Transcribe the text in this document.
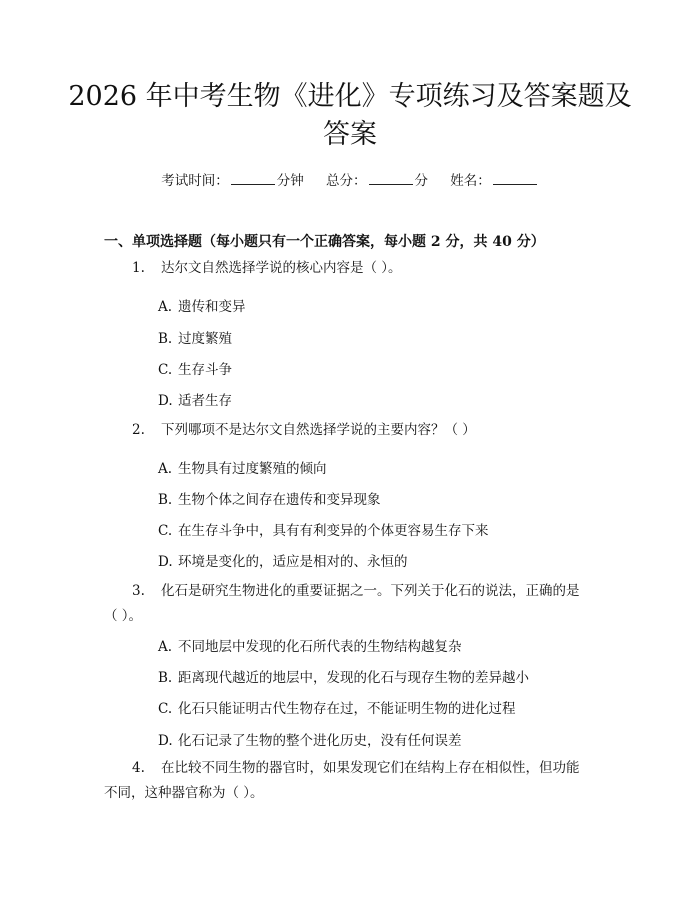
2026 年中考生物《进化》专项练习及答案题及答案
考试时间：	分钟 总分：	分 姓名：
一、单项选择题（每小题只有一个正确答案，每小题 2 分，共 40 分）
1. 达尔文自然选择学说的核心内容是（ ）。
A. 遗传和变异
B. 过度繁殖
C. 生存斗争
D. 适者生存
2. 下列哪项不是达尔文自然选择学说的主要内容？（ ）
A. 生物具有过度繁殖的倾向
B. 生物个体之间存在遗传和变异现象
C. 在生存斗争中，具有有利变异的个体更容易生存下来
D. 环境是变化的，适应是相对的、永恒的
3. 化石是研究生物进化的重要证据之一。下列关于化石的说法，正确的是（ ）。
A. 不同地层中发现的化石所代表的生物结构越复杂
B. 距离现代越近的地层中，发现的化石与现存生物的差异越小
C. 化石只能证明古代生物存在过，不能证明生物的进化过程
D. 化石记录了生物的整个进化历史，没有任何误差
4. 在比较不同生物的器官时，如果发现它们在结构上存在相似性，但功能不同，这种器官称为（ ）。
